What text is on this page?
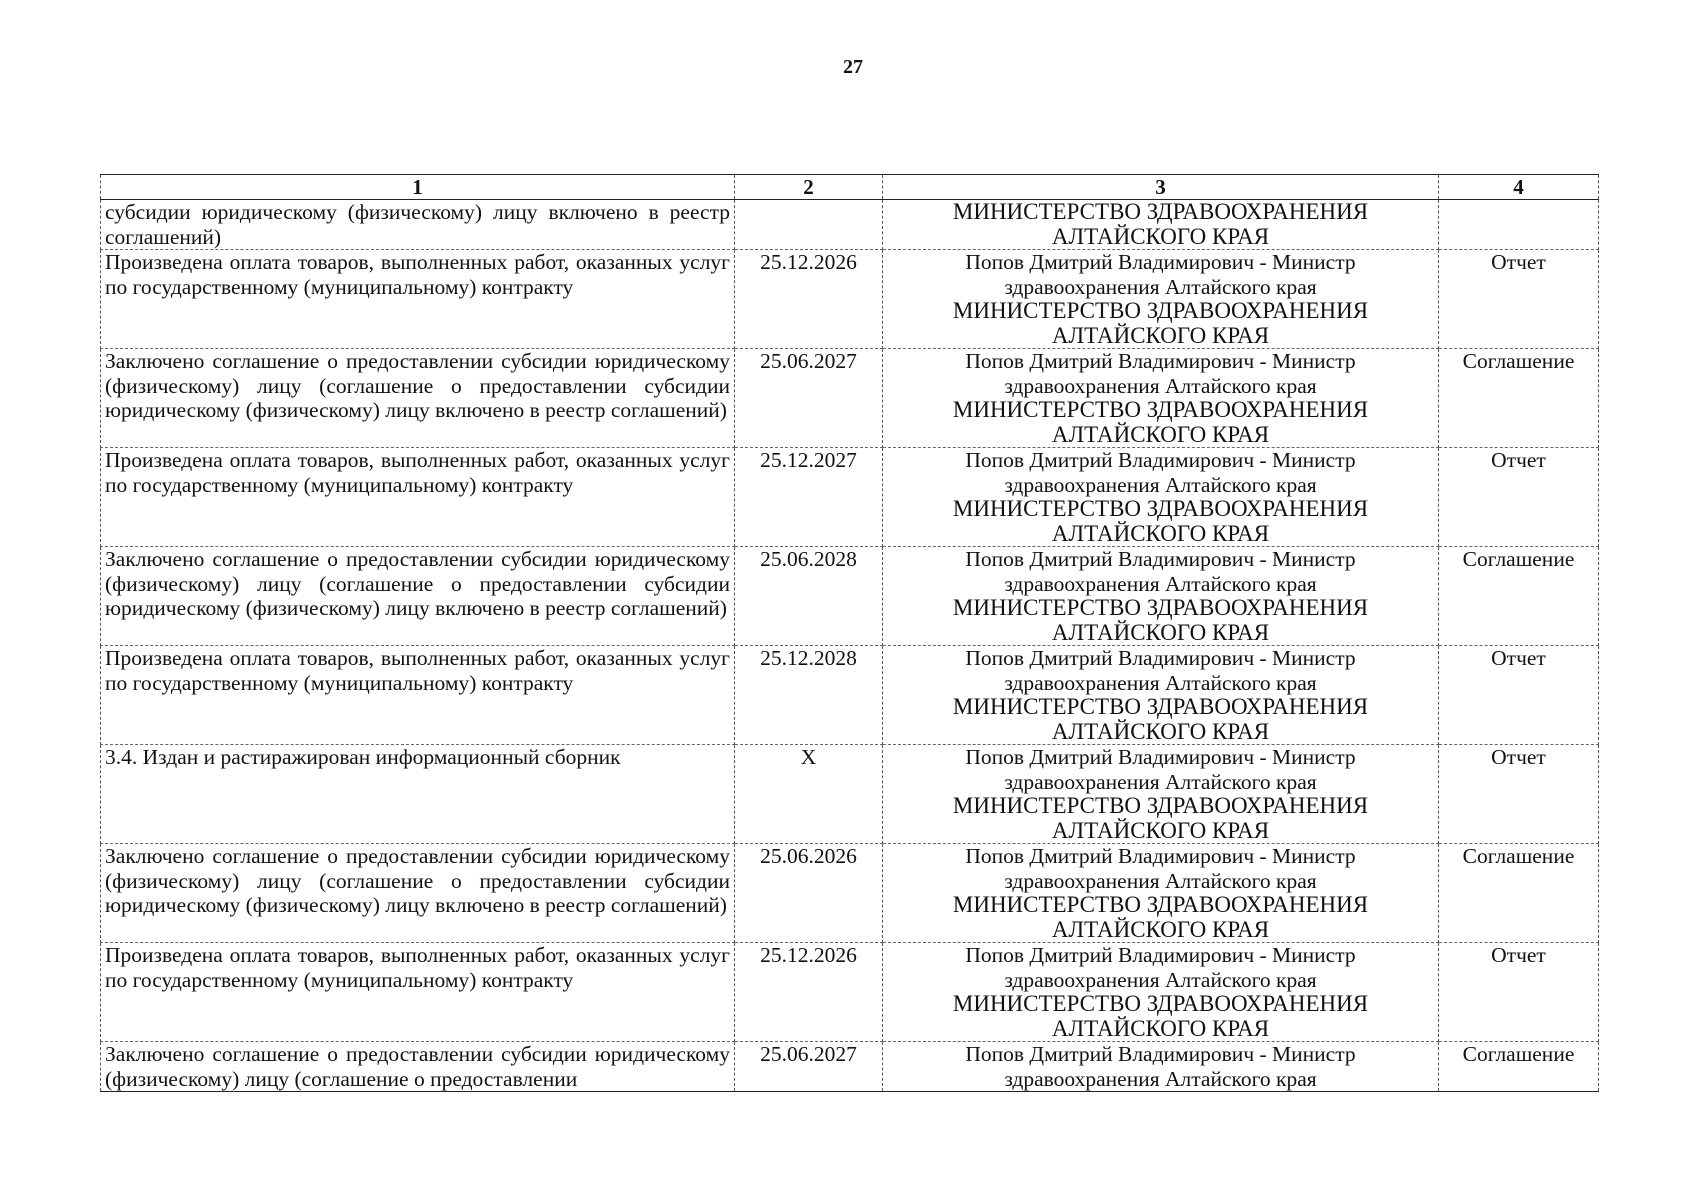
27
1	2	3	4
субсидии юридическому (физическому) лицу включено в реестр соглашений)		МИНИСТЕРСТВО ЗДРАВООХРАНЕНИЯ АЛТАЙСКОГО КРАЯ	

Произведена оплата товаров, выполненных работ, оказанных услуг по государственному (муниципальному) контракту	25.12.2026	Попов Дмитрий Владимирович - Министр здравоохранения Алтайского края
МИНИСТЕРСТВО ЗДРАВООХРАНЕНИЯ АЛТАЙСКОГО КРАЯ	Отчет
Заключено соглашение о предоставлении субсидии юридическому (физическому) лицу (соглашение о предоставлении субсидии юридическому (физическому) лицу включено в реестр соглашений)	25.06.2027	Попов Дмитрий Владимирович - Министр здравоохранения Алтайского края
МИНИСТЕРСТВО ЗДРАВООХРАНЕНИЯ АЛТАЙСКОГО КРАЯ	Соглашение
Произведена оплата товаров, выполненных работ, оказанных услуг по государственному (муниципальному) контракту	25.12.2027	Попов Дмитрий Владимирович - Министр здравоохранения Алтайского края
МИНИСТЕРСТВО ЗДРАВООХРАНЕНИЯ АЛТАЙСКОГО КРАЯ	Отчет
Заключено соглашение о предоставлении субсидии юридическому (физическому) лицу (соглашение о предоставлении субсидии юридическому (физическому) лицу включено в реестр соглашений)	25.06.2028	Попов Дмитрий Владимирович - Министр здравоохранения Алтайского края
МИНИСТЕРСТВО ЗДРАВООХРАНЕНИЯ АЛТАЙСКОГО КРАЯ	Соглашение
Произведена оплата товаров, выполненных работ, оказанных услуг по государственному (муниципальному) контракту	25.12.2028	Попов Дмитрий Владимирович - Министр здравоохранения Алтайского края
МИНИСТЕРСТВО ЗДРАВООХРАНЕНИЯ АЛТАЙСКОГО КРАЯ	Отчет
3.4. Издан и растиражирован информационный сборник	X	Попов Дмитрий Владимирович - Министр здравоохранения Алтайского края
МИНИСТЕРСТВО ЗДРАВООХРАНЕНИЯ АЛТАЙСКОГО КРАЯ	Отчет
Заключено соглашение о предоставлении субсидии юридическому (физическому) лицу (соглашение о предоставлении субсидии юридическому (физическому) лицу включено в реестр соглашений)	25.06.2026	Попов Дмитрий Владимирович - Министр здравоохранения Алтайского края
МИНИСТЕРСТВО ЗДРАВООХРАНЕНИЯ АЛТАЙСКОГО КРАЯ	Соглашение
Произведена оплата товаров, выполненных работ, оказанных услуг по государственному (муниципальному) контракту	25.12.2026	Попов Дмитрий Владимирович - Министр здравоохранения Алтайского края
МИНИСТЕРСТВО ЗДРАВООХРАНЕНИЯ АЛТАЙСКОГО КРАЯ	Отчет
Заключено соглашение о предоставлении субсидии юридическому (физическому) лицу (соглашение о предоставлении	25.06.2027	Попов Дмитрий Владимирович - Министр здравоохранения Алтайского края	Соглашение
